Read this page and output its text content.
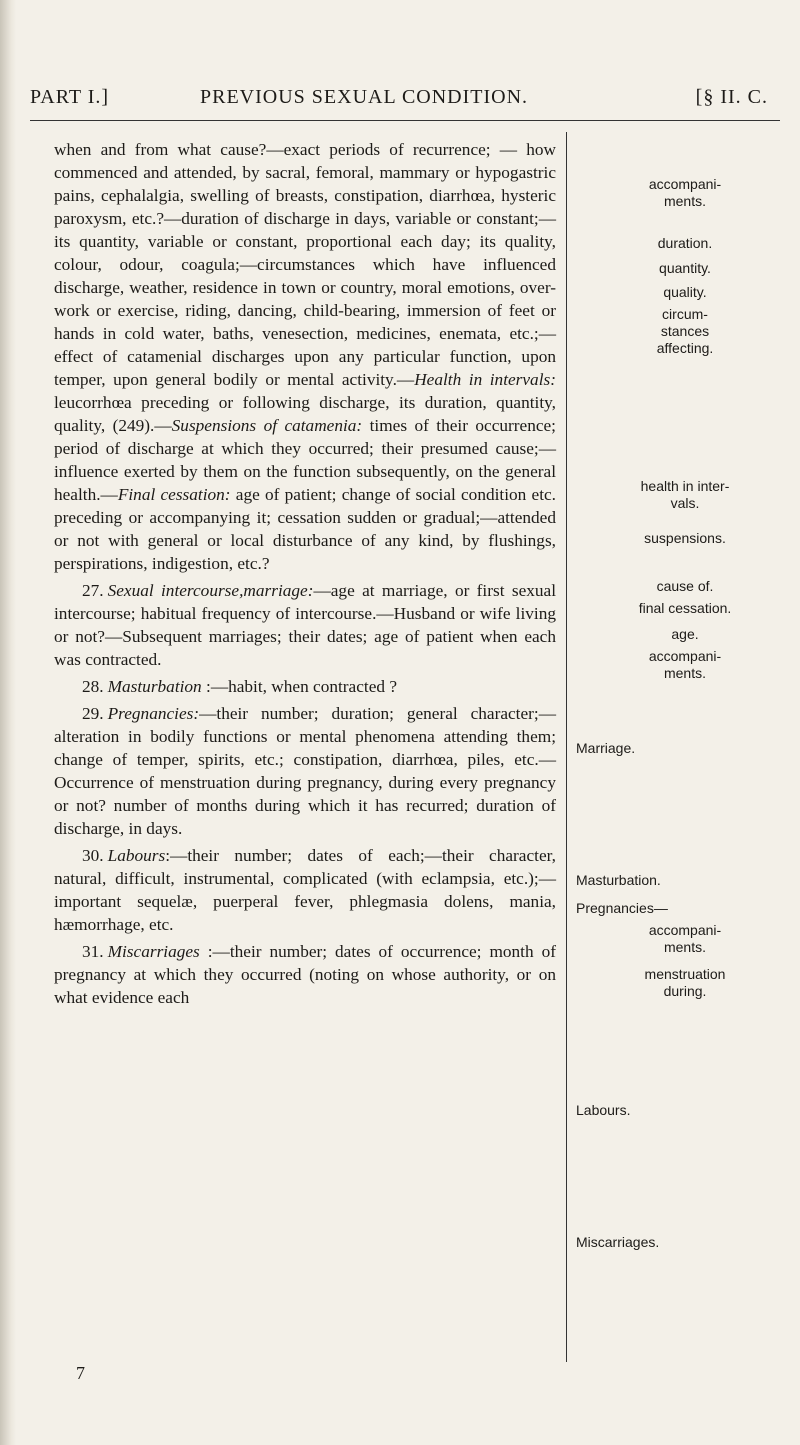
PART I.]	PREVIOUS SEXUAL CONDITION.	[§ II. C.

when and from what cause?—exact periods of recurrence; — how commenced and attended, by sacral, femoral, mammary or hypogastric pains, cephalalgia, swelling of breasts, constipation, diarrhœa, hysteric paroxysm, etc.?—duration of discharge in days, variable or constant;—its quantity, variable or constant, proportional each day; its quality, colour, odour, coagula;—circumstances which have influenced discharge, weather, residence in town or country, moral emotions, over-work or exercise, riding, dancing, child-bearing, immersion of feet or hands in cold water, baths, venesection, medicines, enemata, etc.;—effect of catamenial discharges upon any particular function, upon temper, upon general bodily or mental activity.—Health in intervals: leucorrhœa preceding or following discharge, its duration, quantity, quality, (249).—Suspensions of catamenia: times of their occurrence; period of discharge at which they occurred; their presumed cause;—influence exerted by them on the function subsequently, on the general health.—Final cessation: age of patient; change of social condition etc. preceding or accompanying it; cessation sudden or gradual;—attended or not with general or local disturbance of any kind, by flushings, perspirations, indigestion, etc.?

27. Sexual intercourse,marriage:—age at marriage, or first sexual intercourse; habitual frequency of intercourse.—Husband or wife living or not?—Subsequent marriages; their dates; age of patient when each was contracted.

28. Masturbation :—habit, when contracted ?

29. Pregnancies:—their number; duration; general character;—alteration in bodily functions or mental phenomena attending them; change of temper, spirits, etc.; constipation, diarrhœa, piles, etc.—Occurrence of menstruation during pregnancy, during every pregnancy or not? number of months during which it has recurred; duration of discharge, in days.

30. Labours:—their number; dates of each;—their character, natural, difficult, instrumental, complicated (with eclampsia, etc.);—important sequelæ, puerperal fever, phlegmasia dolens, mania, hæmorrhage, etc.

31. Miscarriages :—their number; dates of occurrence; month of pregnancy at which they occurred (noting on whose authority, or on what evidence each

7
accompani-
ments.
duration.
quantity.
quality.
circum-
stances
affecting.
health in inter-
vals.
suspensions.
cause of.
final cessation.
age.
accompani-
ments.
Marriage.
Masturbation.
Pregnancies—
accompani-
ments.
menstruation
during.
Labours.
Miscarriages.
